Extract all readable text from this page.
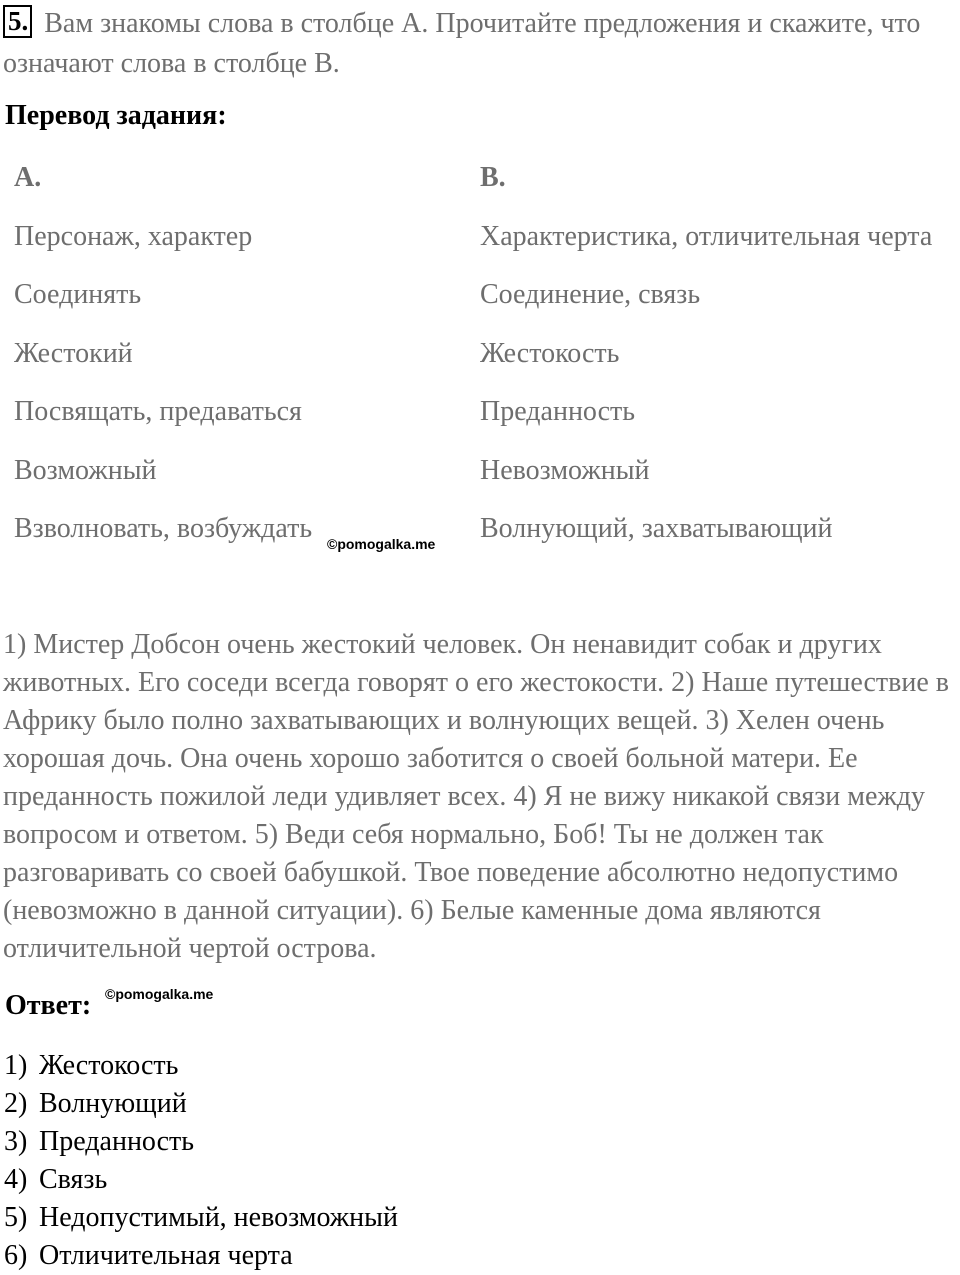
5. Вам знакомы слова в столбце А. Прочитайте предложения и скажите, что означают слова в столбце В.
Перевод задания:
A.
Персонаж, характер
Соединять
Жестокий
Посвящать, предаваться
Возможный
Взволновать, возбуждать
B.
Характеристика, отличительная черта
Соединение, связь
Жестокость
Преданность
Невозможный
Волнующий, захватывающий
©pomogalka.me
1) Мистер Добсон очень жестокий человек. Он ненавидит собак и других животных. Его соседи всегда говорят о его жестокости. 2) Наше путешествие в Африку было полно захватывающих и волнующих вещей. 3) Хелен очень хорошая дочь. Она очень хорошо заботится о своей больной матери. Ее преданность пожилой леди удивляет всех. 4) Я не вижу никакой связи между вопросом и ответом. 5) Веди себя нормально, Боб! Ты не должен так разговаривать со своей бабушкой. Твое поведение абсолютно недопустимо (невозможно в данной ситуации). 6) Белые каменные дома являются отличительной чертой острова.
Ответ: ©pomogalka.me
1) Жестокость
2) Волнующий
3) Преданность
4) Связь
5) Недопустимый, невозможный
6) Отличительная черта
